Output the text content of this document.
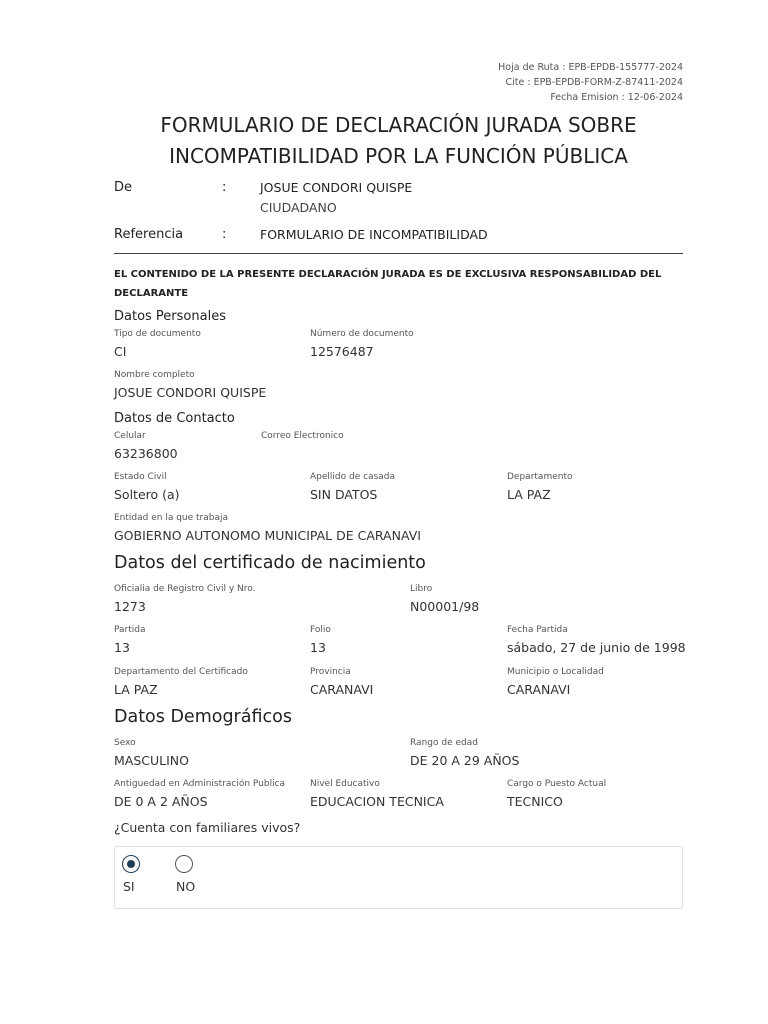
Hoja de Ruta : EPB-EPDB-155777-2024
Cite : EPB-EPDB-FORM-Z-87411-2024
Fecha Emision : 12-06-2024
FORMULARIO DE DECLARACIÓN JURADA SOBRE
INCOMPATIBILIDAD POR LA FUNCIÓN PÚBLICA
De	:	JOSUE CONDORI QUISPE
CIUDADANO
Referencia	:	FORMULARIO DE INCOMPATIBILIDAD
EL CONTENIDO DE LA PRESENTE DECLARACIÓN JURADA ES DE EXCLUSIVA RESPONSABILIDAD DEL DECLARANTE
Datos Personales
Tipo de documento
CI
Número de documento
12576487
Nombre completo
JOSUE CONDORI QUISPE
Datos de Contacto
Celular
63236800
Correo Electronico
Estado Civil
Soltero (a)
Apellido de casada
SIN DATOS
Departamento
LA PAZ
Entidad en la que trabaja
GOBIERNO AUTONOMO MUNICIPAL DE CARANAVI
Datos del certificado de nacimiento
Oficialia de Registro Civil y Nro.
1273
Libro
N00001/98
Partida
13
Folio
13
Fecha Partida
sábado, 27 de junio de 1998
Departamento del Certificado
LA PAZ
Provincia
CARANAVI
Municipio o Localidad
CARANAVI
Datos Demográficos
Sexo
MASCULINO
Rango de edad
DE 20 A 29 AÑOS
Antiguedad en Administración Publica
DE 0 A 2 AÑOS
Nivel Educativo
EDUCACION TECNICA
Cargo o Puesto Actual
TECNICO
¿Cuenta con familiares vivos?
SI	NO
